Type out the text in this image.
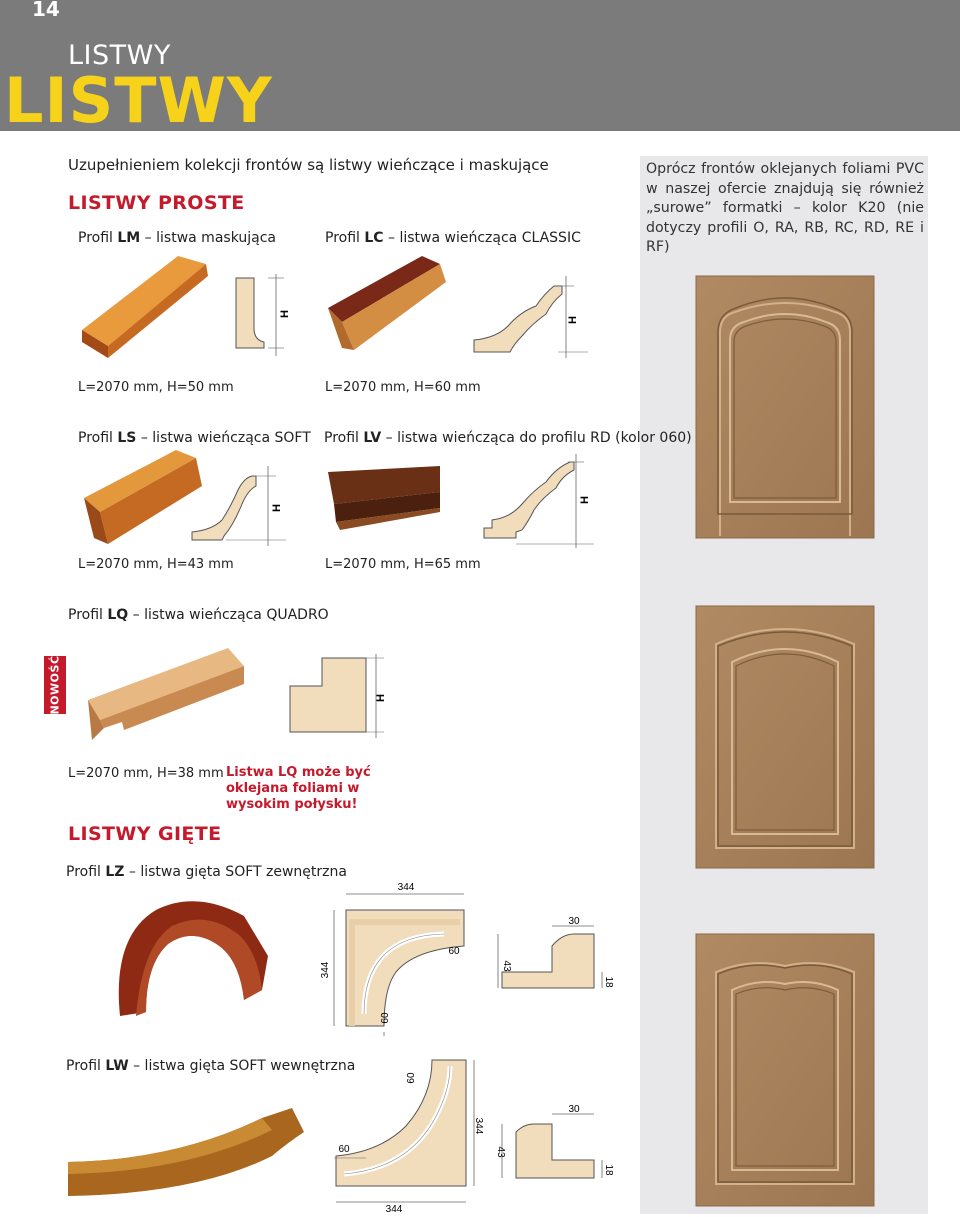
14
LISTWY
LISTWY
Uzupełnieniem kolekcji frontów są listwy wieńczące i maskujące	Oprócz frontów oklejanych foliami PVC w naszej ofercie znajdują się również „surowe” formatki – kolor K20 (nie dotyczy profili O, RA, RB, RC, RD, RE i RF)
LISTWY PROSTE
Profil LM – listwa maskująca	Profil LC – listwa wieńcząca CLASSIC
H
H
L=2070 mm, H=50 mm	L=2070 mm, H=60 mm
Profil LS – listwa wieńcząca SOFT Profil LV – listwa wieńcząca do profilu RD (kolor 060)
H
H
L=2070 mm, H=43 mm	L=2070 mm, H=65 mm
Profil LQ – listwa wieńcząca QUADRO
NOWOŚĆ	H
L=2070 mm, H=38 mm Listwa LQ może być oklejana foliami w wysokim połysku!
LISTWY GIĘTE
Profil LZ – listwa gięta SOFT zewnętrzna
344
344
60
60
30
43
18
Profil LW – listwa gięta SOFT wewnętrzna
60
60
344
344
30
43
18
